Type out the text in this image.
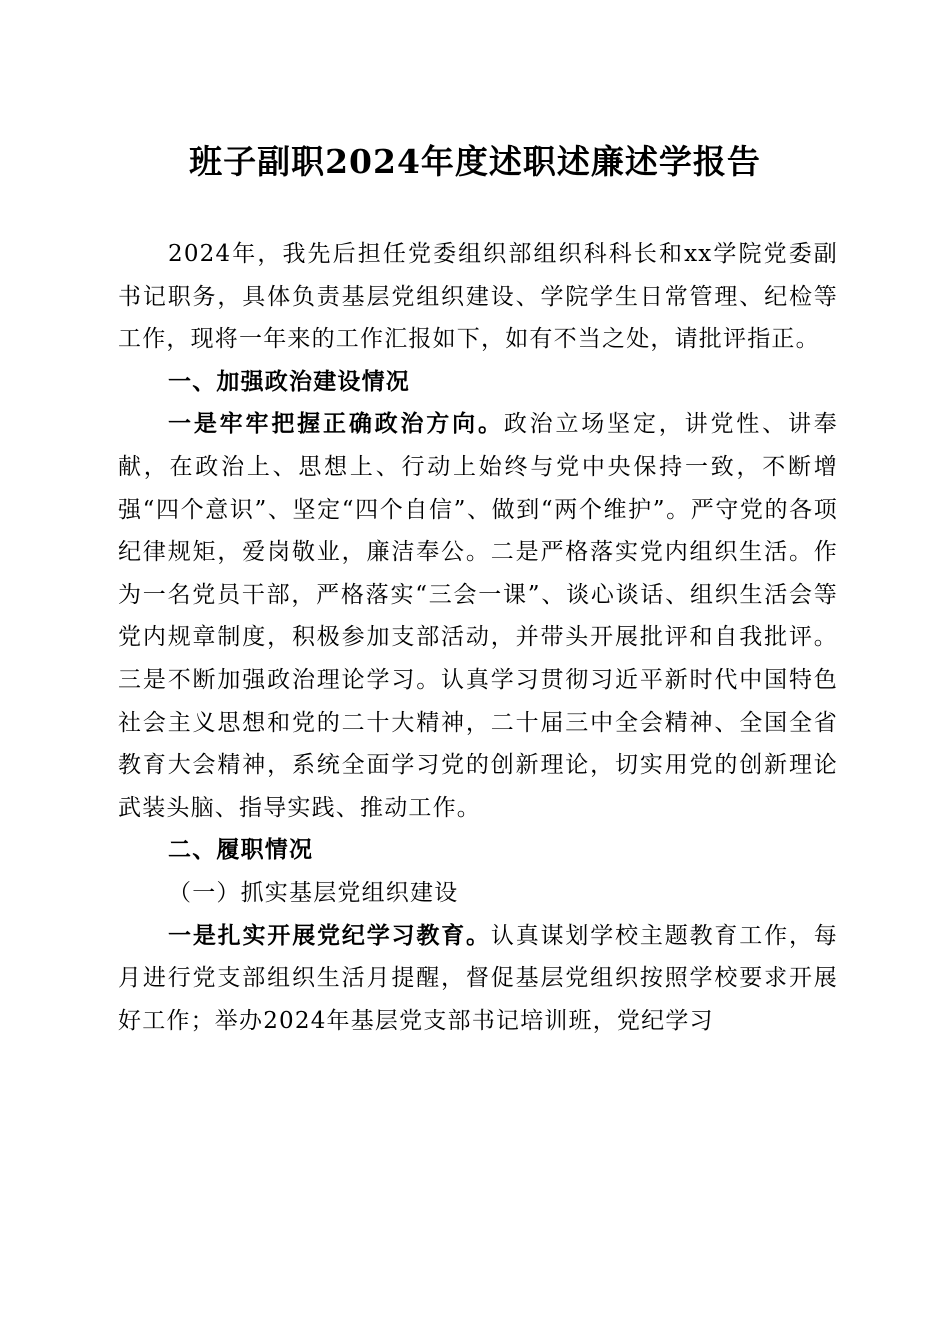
班子副职2024年度述职述廉述学报告

2024年，我先后担任党委组织部组织科科长和xx学院党委副书记职务，具体负责基层党组织建设、学院学生日常管理、纪检等工作，现将一年来的工作汇报如下，如有不当之处，请批评指正。

一、加强政治建设情况

一是牢牢把握正确政治方向。政治立场坚定，讲党性、讲奉献，在政治上、思想上、行动上始终与党中央保持一致，不断增强“四个意识”、坚定“四个自信”、做到“两个维护”。严守党的各项纪律规矩，爱岗敬业，廉洁奉公。二是严格落实党内组织生活。作为一名党员干部，严格落实“三会一课”、谈心谈话、组织生活会等党内规章制度，积极参加支部活动，并带头开展批评和自我批评。三是不断加强政治理论学习。认真学习贯彻习近平新时代中国特色社会主义思想和党的二十大精神，二十届三中全会精神、全国全省教育大会精神，系统全面学习党的创新理论，切实用党的创新理论武装头脑、指导实践、推动工作。

二、履职情况

（一）抓实基层党组织建设

一是扎实开展党纪学习教育。认真谋划学校主题教育工作，每月进行党支部组织生活月提醒，督促基层党组织按照学校要求开展好工作；举办2024年基层党支部书记培训班，党纪学习
